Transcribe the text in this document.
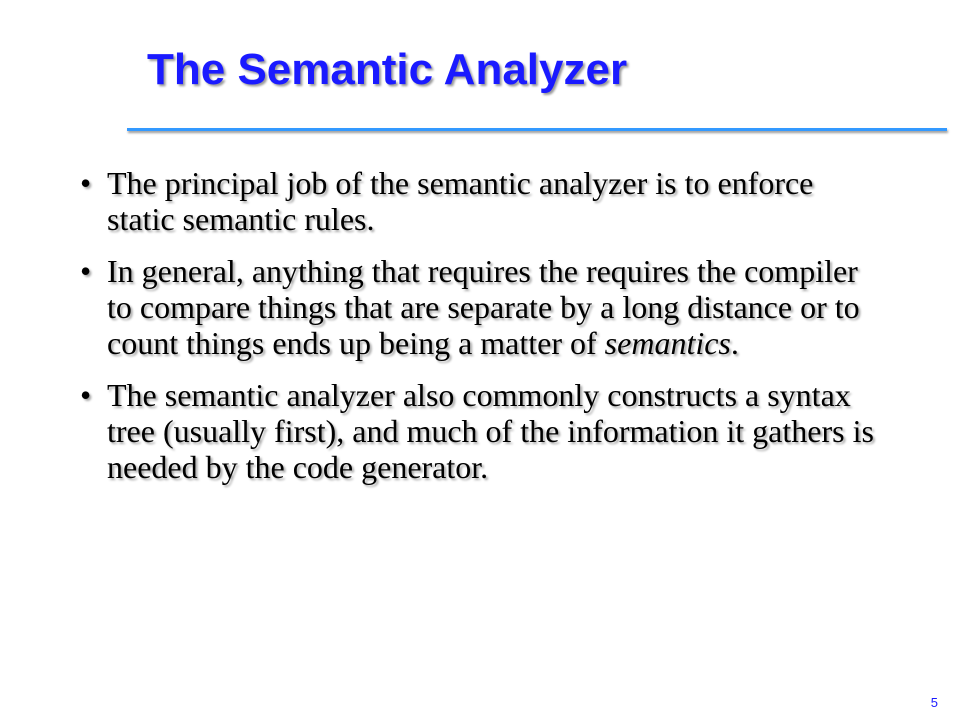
The Semantic Analyzer
• The principal job of the semantic analyzer is to enforce static semantic rules.
• In general, anything that requires the requires the compiler to compare things that are separate by a long distance or to count things ends up being a matter of semantics.
• The semantic analyzer also commonly constructs a syntax tree (usually first), and much of the information it gathers is needed by the code generator.
5
